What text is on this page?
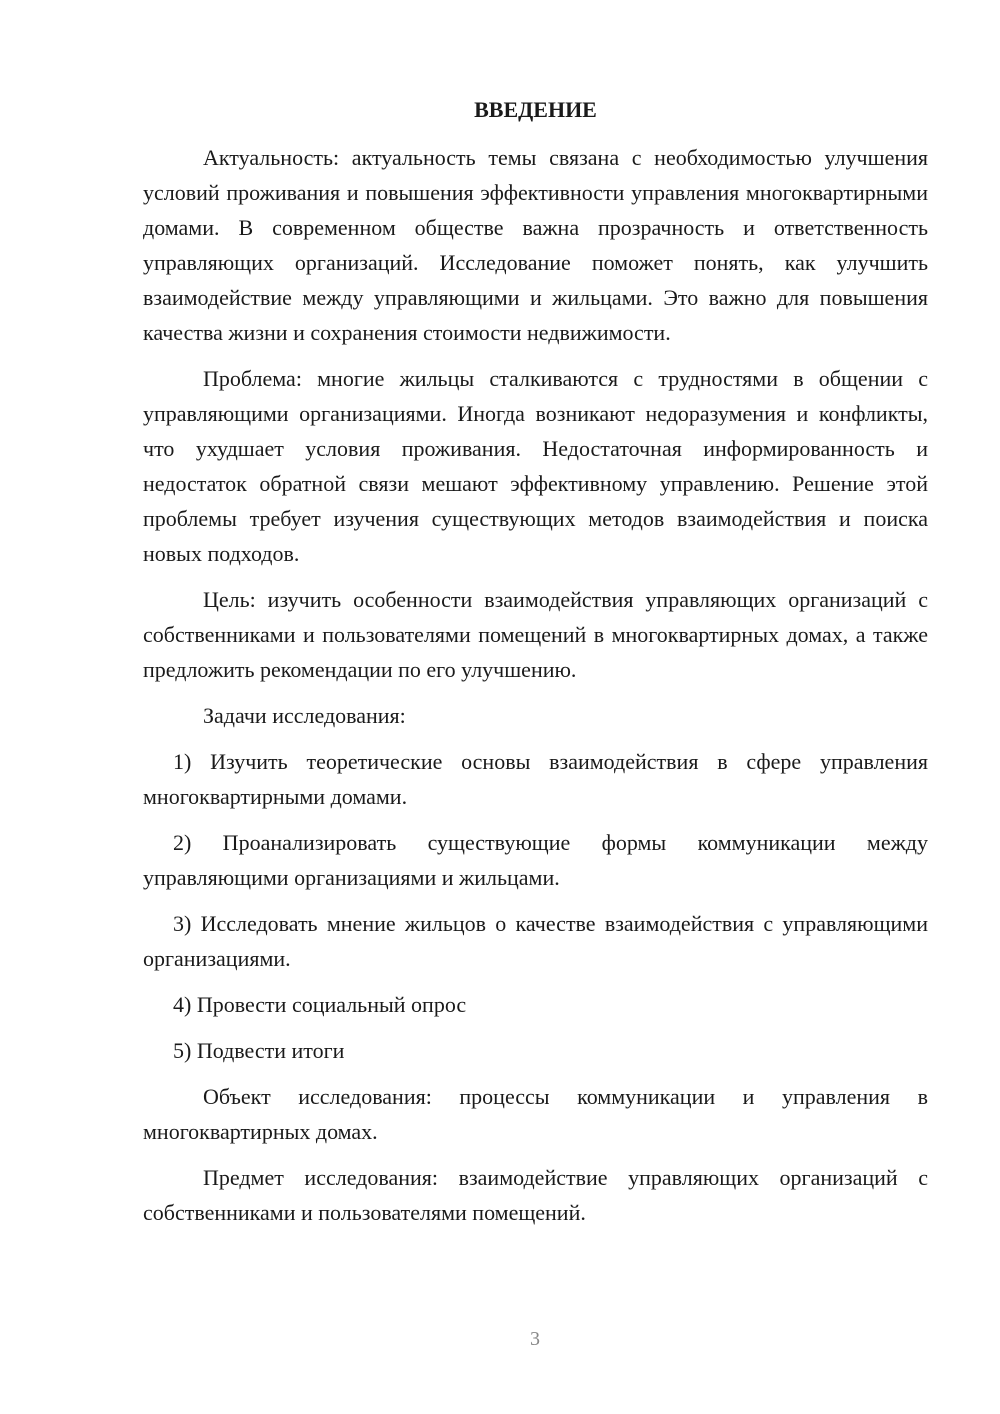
ВВЕДЕНИЕ

Актуальность: актуальность темы связана с необходимостью улучшения условий проживания и повышения эффективности управления многоквартирными домами. В современном обществе важна прозрачность и ответственность управляющих организаций. Исследование поможет понять, как улучшить взаимодействие между управляющими и жильцами. Это важно для повышения качества жизни и сохранения стоимости недвижимости.

Проблема: многие жильцы сталкиваются с трудностями в общении с управляющими организациями. Иногда возникают недоразумения и конфликты, что ухудшает условия проживания. Недостаточная информированность и недостаток обратной связи мешают эффективному управлению. Решение этой проблемы требует изучения существующих методов взаимодействия и поиска новых подходов.

Цель: изучить особенности взаимодействия управляющих организаций с собственниками и пользователями помещений в многоквартирных домах, а также предложить рекомендации по его улучшению.

Задачи исследования:

1) Изучить теоретические основы взаимодействия в сфере управления многоквартирными домами.

2) Проанализировать существующие формы коммуникации между управляющими организациями и жильцами.

3) Исследовать мнение жильцов о качестве взаимодействия с управляющими организациями.

4) Провести социальный опрос

5) Подвести итоги

Объект исследования: процессы коммуникации и управления в многоквартирных домах.

Предмет исследования: взаимодействие управляющих организаций с собственниками и пользователями помещений.

3
